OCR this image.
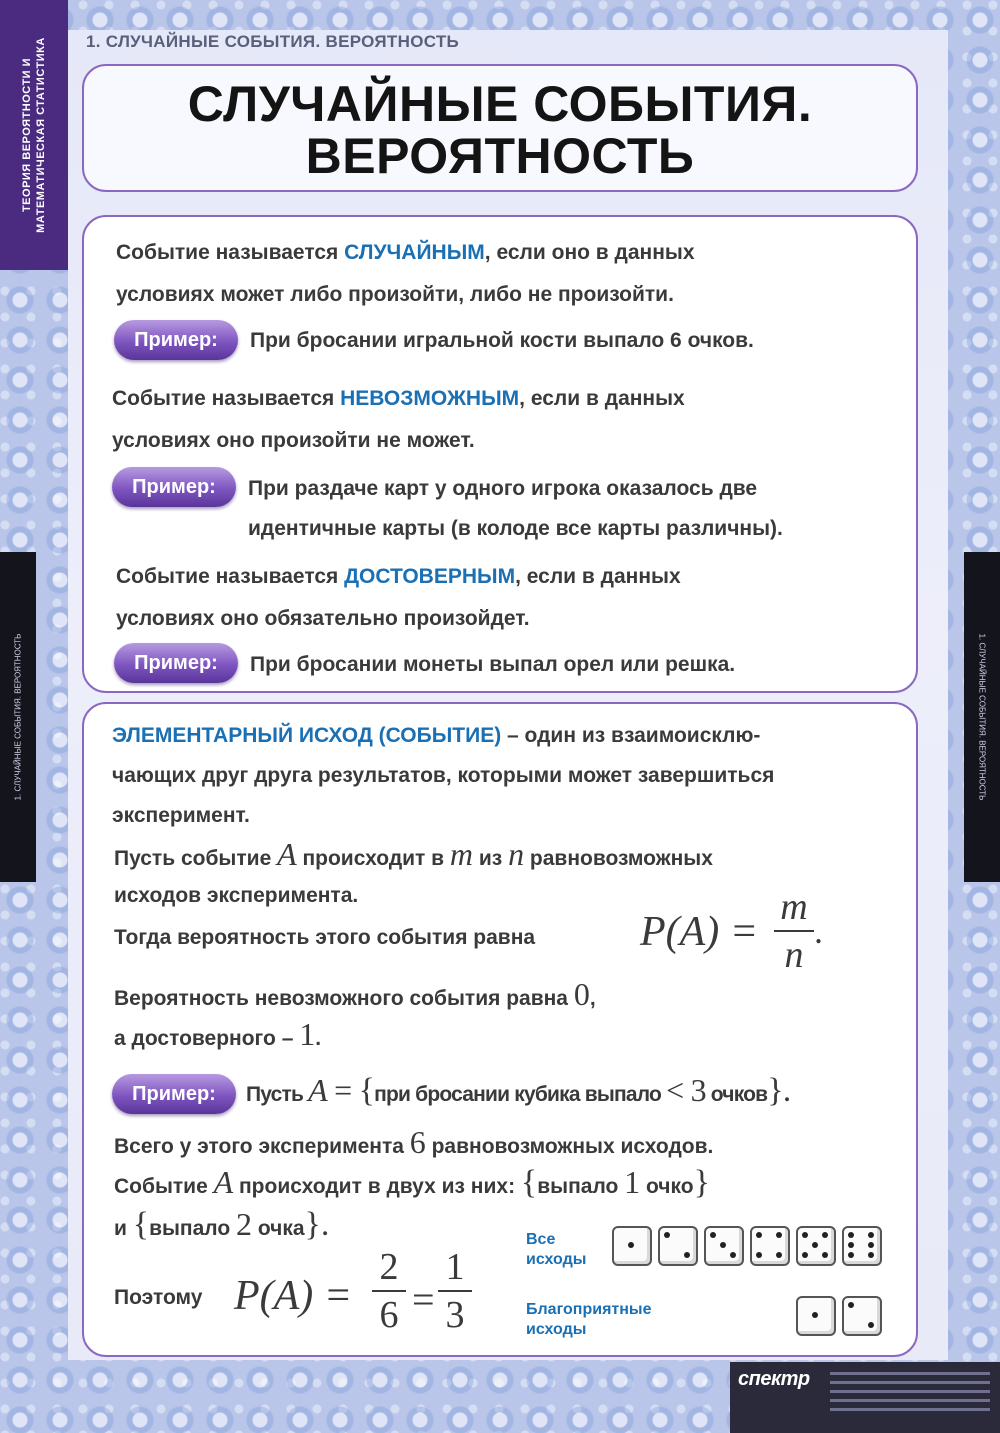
ТЕОРИЯ ВЕРОЯТНОСТИ И МАТЕМАТИЧЕСКАЯ СТАТИСТИКА
1. СЛУЧАЙНЫЕ СОБЫТИЯ. ВЕРОЯТНОСТЬ	1. СЛУЧАЙНЫЕ СОБЫТИЯ. ВЕРОЯТНОСТЬ
1. СЛУЧАЙНЫЕ СОБЫТИЯ. ВЕРОЯТНОСТЬ
СЛУЧАЙНЫЕ СОБЫТИЯ.
ВЕРОЯТНОСТЬ
Событие называется СЛУЧАЙНЫМ, если оно в данных
условиях может либо произойти, либо не произойти.
Пример:	При бросании игральной кости выпало 6 очков.
Событие называется НЕВОЗМОЖНЫМ, если в данных
условиях оно произойти не может.
Пример:	При раздаче карт у одного игрока оказалось две
идентичные карты (в колоде все карты различны).
Событие называется ДОСТОВЕРНЫМ, если в данных
условиях оно обязательно произойдет.
Пример:	При бросании монеты выпал орел или решка.
ЭЛЕМЕНТАРНЫЙ ИСХОД (СОБЫТИЕ) – один из взаимоисклю-
чающих друг друга результатов, которыми может завершиться
эксперимент.
Пусть событие A происходит в m из n равновозможных
исходов эксперимента.
Тогда вероятность этого события равна P(A) =
m
n
.
Вероятность невозможного события равна 0,
а достоверного – 1.
Пример:	Пусть A = {при бросании кубика выпало < 3 очков}.
Всего у этого эксперимента 6 равновозможных исходов.
Событие A происходит в двух из них: {выпало 1 очко}
и {выпало 2 очка}.
Поэтому P(A) =
2
6 =
1
3
Все
исходы
Благоприятные
исходы
спектр
